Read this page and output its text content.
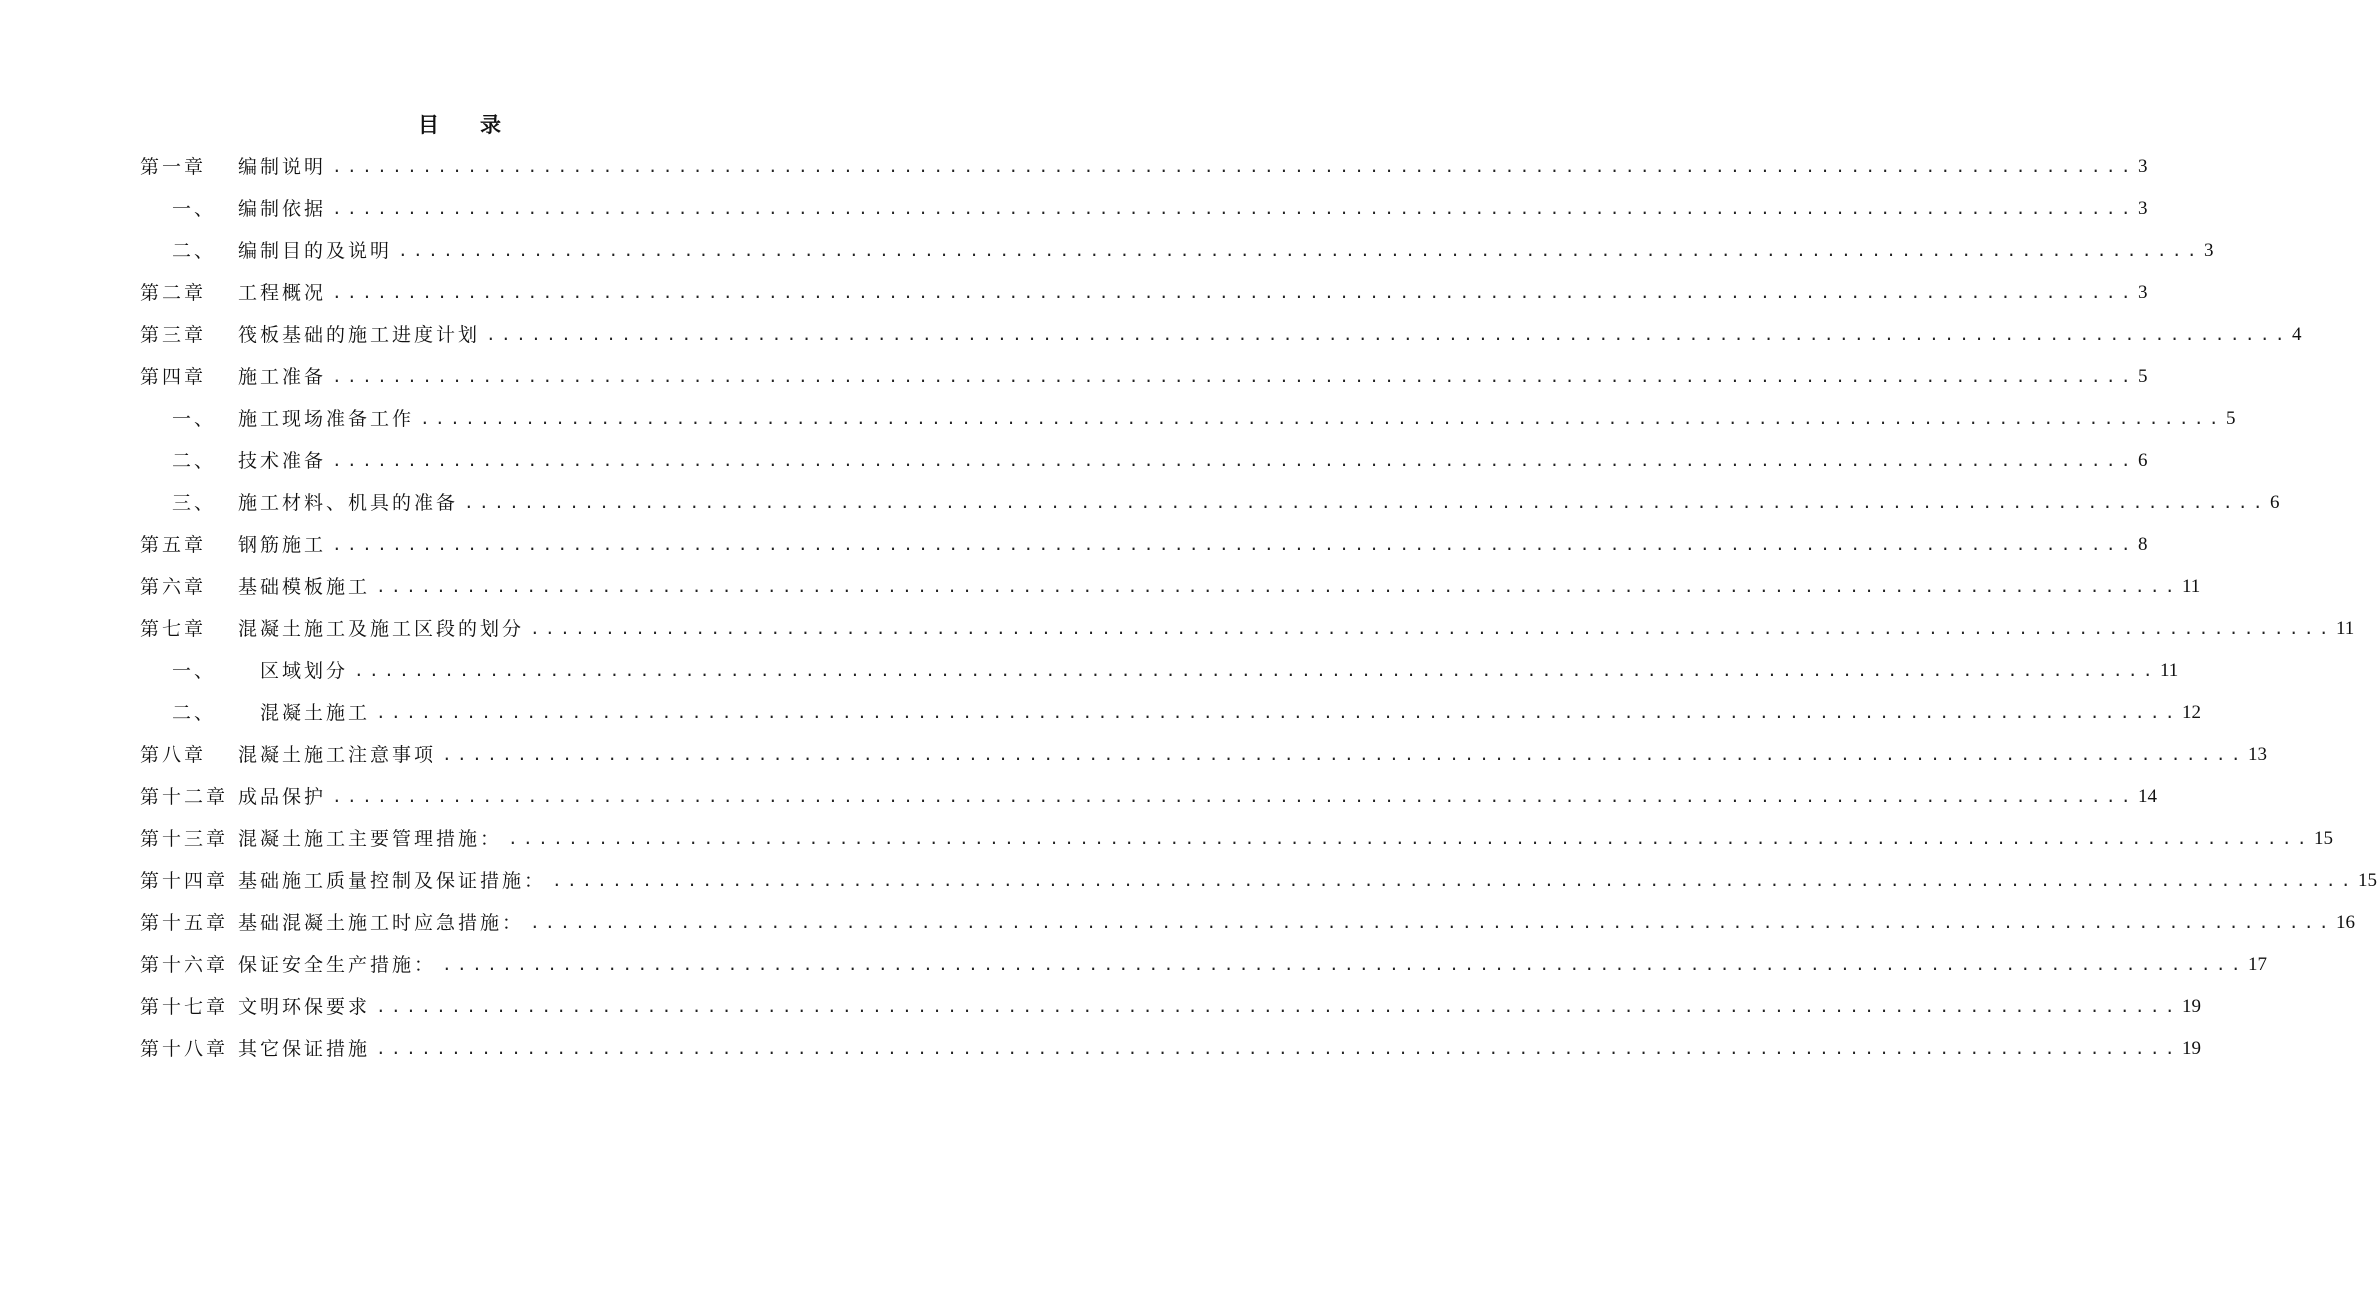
目 录
第一章	编制说明 ........................................................................................................................ 3
一、	编制依据 ........................................................................................................................ 3
二、	编制目的及说明 ........................................................................................................................ 3
第二章	工程概况 ........................................................................................................................ 3
第三章	筏板基础的施工进度计划 ........................................................................................................................ 4
第四章	施工准备 ........................................................................................................................ 5
一、	施工现场准备工作 ........................................................................................................................ 5
二、	技术准备 ........................................................................................................................ 6
三、	施工材料、机具的准备 ........................................................................................................................ 6
第五章	钢筋施工 ........................................................................................................................ 8
第六章	基础模板施工 ........................................................................................................................ 11
第七章	混凝土施工及施工区段的划分 ........................................................................................................................ 11
一、	区域划分 ........................................................................................................................ 11
二、	混凝土施工 ........................................................................................................................ 12
第八章	混凝土施工注意事项 ........................................................................................................................ 13
第十二章 成品保护 ........................................................................................................................ 14
第十三章 混凝土施工主要管理措施： ........................................................................................................................ 15
第十四章 基础施工质量控制及保证措施： ........................................................................................................................ 15
第十五章 基础混凝土施工时应急措施： ........................................................................................................................ 16
第十六章 保证安全生产措施： ........................................................................................................................ 17
第十七章 文明环保要求 ........................................................................................................................ 19
第十八章 其它保证措施 ........................................................................................................................ 19
